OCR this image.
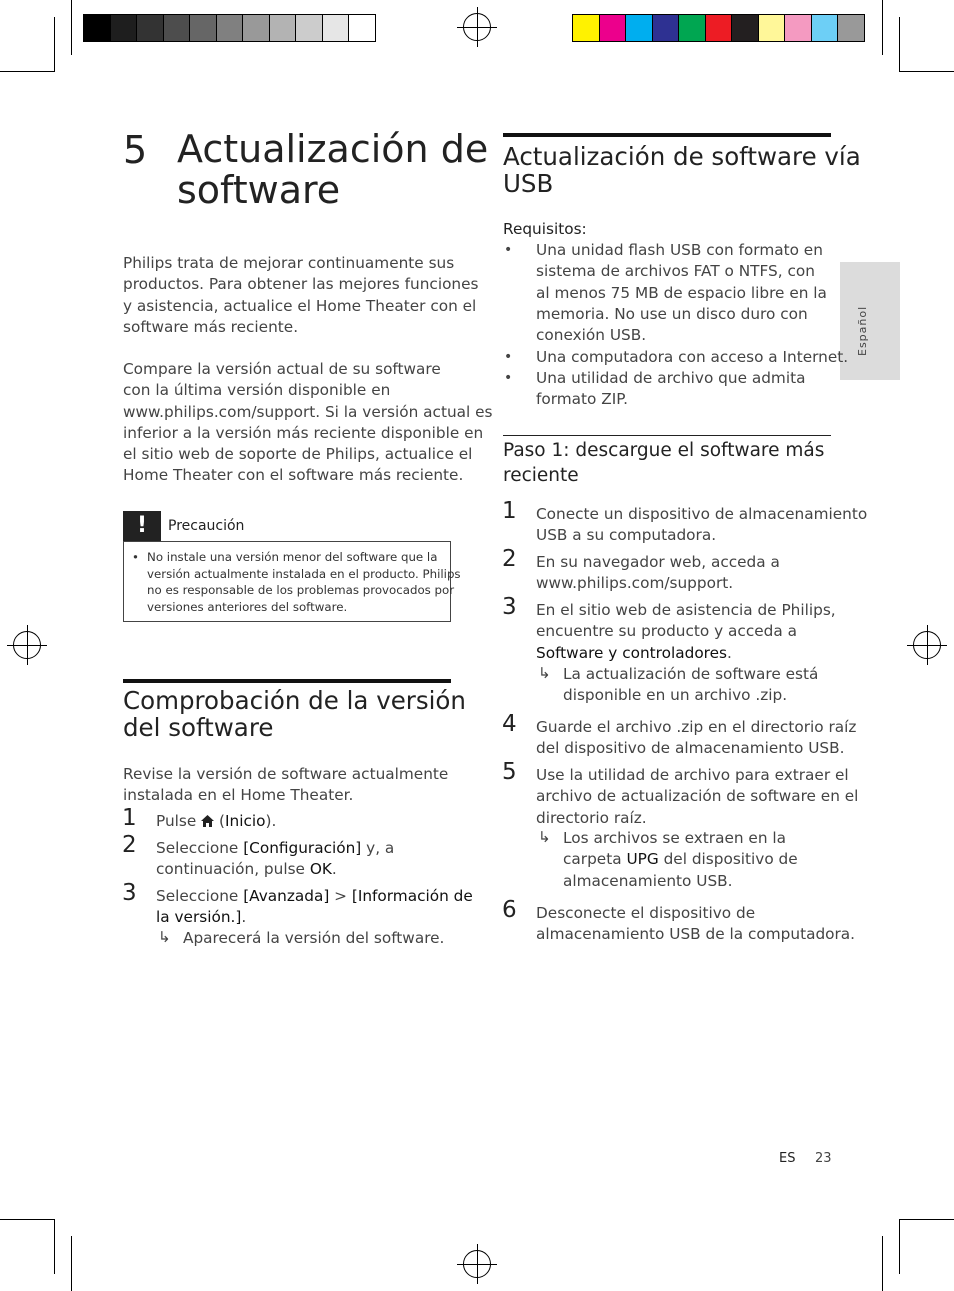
Español
5 Actualización de
software
Philips trata de mejorar continuamente sus
productos. Para obtener las mejores funciones
y asistencia, actualice el Home Theater con el
software más reciente.
Compare la versión actual de su software
con la última versión disponible en
www.philips.com/support. Si la versión actual es
inferior a la versión más reciente disponible en
el sitio web de soporte de Philips, actualice el
Home Theater con el software más reciente.
!	Precaución
• No instale una versión menor del software que la
versión actualmente instalada en el producto. Philips
no es responsable de los problemas provocados por
versiones anteriores del software.
Comprobación de la versión
del software
Revise la versión de software actualmente
instalada en el Home Theater.
1 Pulse  (Inicio).
2 Seleccione [Configuración] y, a
continuación, pulse OK.
3 Seleccione [Avanzada] > [Información de
la versión.].
↳ Aparecerá la versión del software.
Actualización de software vía
USB
Requisitos:
• Una unidad flash USB con formato en
sistema de archivos FAT o NTFS, con
al menos 75 MB de espacio libre en la
memoria. No use un disco duro con
conexión USB.
• Una computadora con acceso a Internet.
• Una utilidad de archivo que admita
formato ZIP.
Paso 1: descargue el software más
reciente
1 Conecte un dispositivo de almacenamiento
USB a su computadora.
2 En su navegador web, acceda a
www.philips.com/support.
3 En el sitio web de asistencia de Philips,
encuentre su producto y acceda a
Software y controladores.
↳ La actualización de software está
disponible en un archivo .zip.
4 Guarde el archivo .zip en el directorio raíz
del dispositivo de almacenamiento USB.
5 Use la utilidad de archivo para extraer el
archivo de actualización de software en el
directorio raíz.
↳ Los archivos se extraen en la
carpeta UPG del dispositivo de
almacenamiento USB.
6 Desconecte el dispositivo de
almacenamiento USB de la computadora.
ES 23
